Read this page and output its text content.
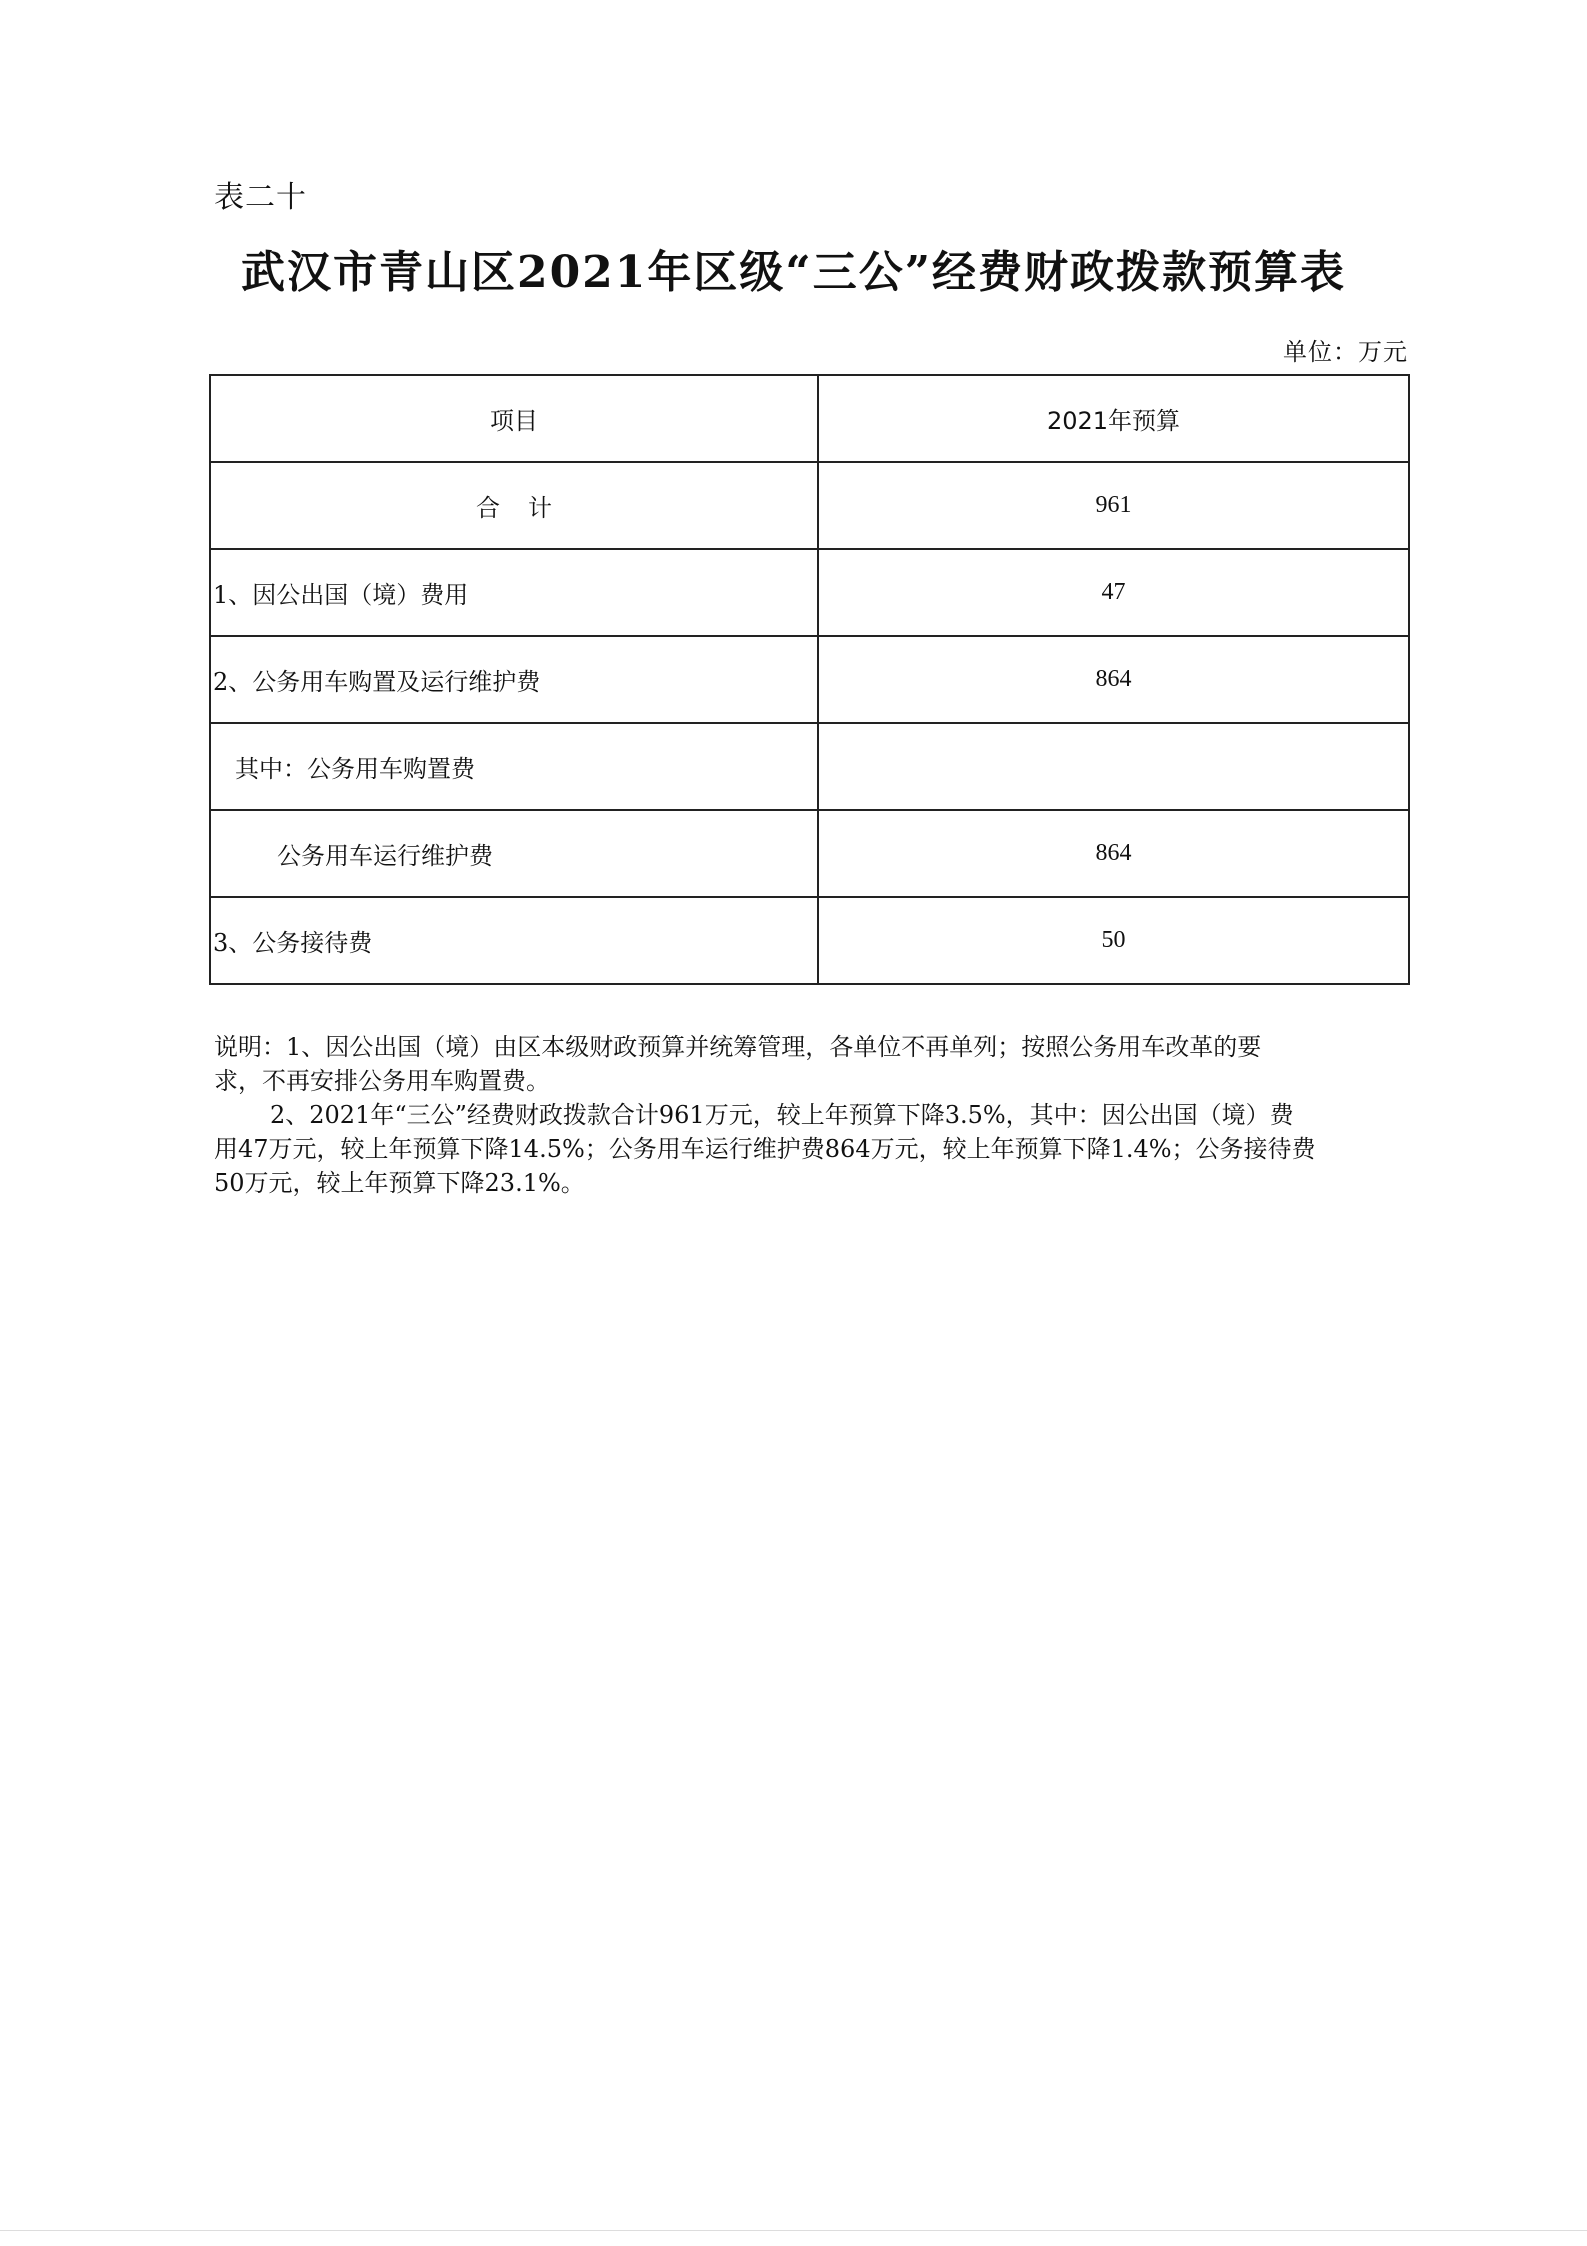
表二十
武汉市青山区2021年区级“三公”经费财政拨款预算表
单位：万元
项目	2021年预算
合计	961
1、因公出国（境）费用	47
2、公务用车购置及运行维护费	864
其中：公务用车购置费	
公务用车运行维护费	864
3、公务接待费	50

说明：1、因公出国（境）由区本级财政预算并统筹管理，各单位不再单列；按照公务用车改革的要

求，不再安排公务用车购置费。

2、2021年“三公”经费财政拨款合计961万元，较上年预算下降3.5%，其中：因公出国（境）费

用47万元，较上年预算下降14.5%；公务用车运行维护费864万元，较上年预算下降1.4%；公务接待费

50万元，较上年预算下降23.1%。
